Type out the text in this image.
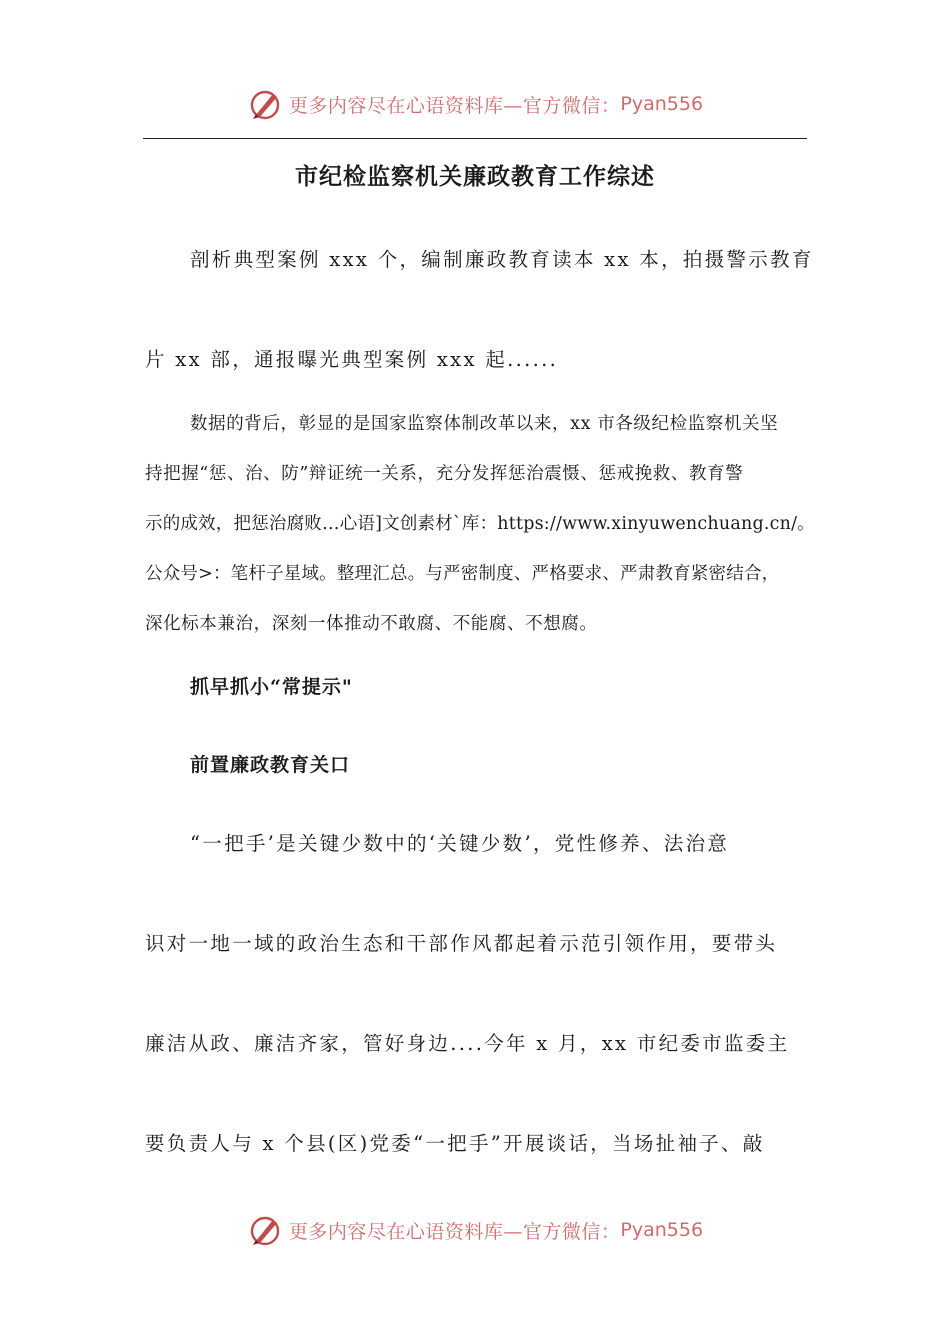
更多内容尽在心语资料库—官方微信： Pyan556
市纪检监察机关廉政教育工作综述
剖析典型案例 xxx 个，编制廉政教育读本 xx 本，拍摄警示教育
片 xx 部，通报曝光典型案例 xxx 起......
数据的背后，彰显的是国家监察体制改革以来，xx 市各级纪检监察机关坚
持把握“惩、治、防”辩证统一关系，充分发挥惩治震慑、惩戒挽救、教育警
示的成效，把惩治腐败…心语]文创素材`库：https://www.xinyuwenchuang.cn/。
公众号>：笔杆子星域。整理汇总。与严密制度、严格要求、严肃教育紧密结合，
深化标本兼治，深刻一体推动不敢腐、不能腐、不想腐。
抓早抓小“常提示"
前置廉政教育关口
“一把手’是关键少数中的‘关键少数’，党性修养、法治意
识对一地一域的政治生态和干部作风都起着示范引领作用，要带头
廉洁从政、廉洁齐家，管好身边....今年 x 月，xx 市纪委市监委主
要负责人与 x 个县(区)党委“一把手”开展谈话，当场扯袖子、敲
更多内容尽在心语资料库—官方微信： Pyan556
